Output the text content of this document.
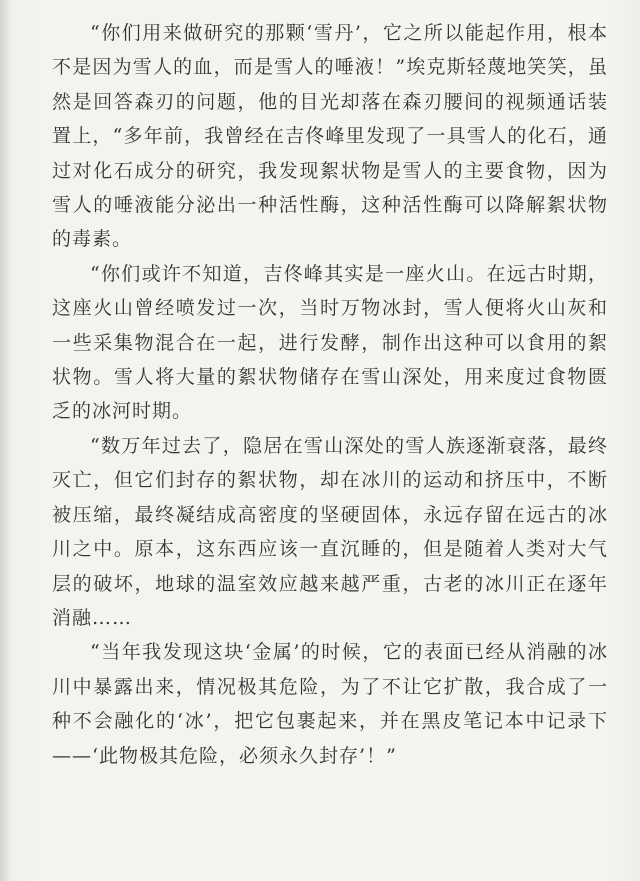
“你们用来做研究的那颗‘雪丹’，它之所以能起作用，根本不是因为雪人的血，而是雪人的唾液！”埃克斯轻蔑地笑笑，虽然是回答森刃的问题，他的目光却落在森刃腰间的视频通话装置上，“多年前，我曾经在吉佟峰里发现了一具雪人的化石，通过对化石成分的研究，我发现絮状物是雪人的主要食物，因为雪人的唾液能分泌出一种活性酶，这种活性酶可以降解絮状物的毒素。

“你们或许不知道，吉佟峰其实是一座火山。在远古时期，这座火山曾经喷发过一次，当时万物冰封，雪人便将火山灰和一些采集物混合在一起，进行发酵，制作出这种可以食用的絮状物。雪人将大量的絮状物储存在雪山深处，用来度过食物匮乏的冰河时期。

“数万年过去了，隐居在雪山深处的雪人族逐渐衰落，最终灭亡，但它们封存的絮状物，却在冰川的运动和挤压中，不断被压缩，最终凝结成高密度的坚硬固体，永远存留在远古的冰川之中。原本，这东西应该一直沉睡的，但是随着人类对大气层的破坏，地球的温室效应越来越严重，古老的冰川正在逐年消融……

“当年我发现这块‘金属’的时候，它的表面已经从消融的冰川中暴露出来，情况极其危险，为了不让它扩散，我合成了一种不会融化的‘冰’，把它包裹起来，并在黑皮笔记本中记录下——‘此物极其危险，必须永久封存’！”
